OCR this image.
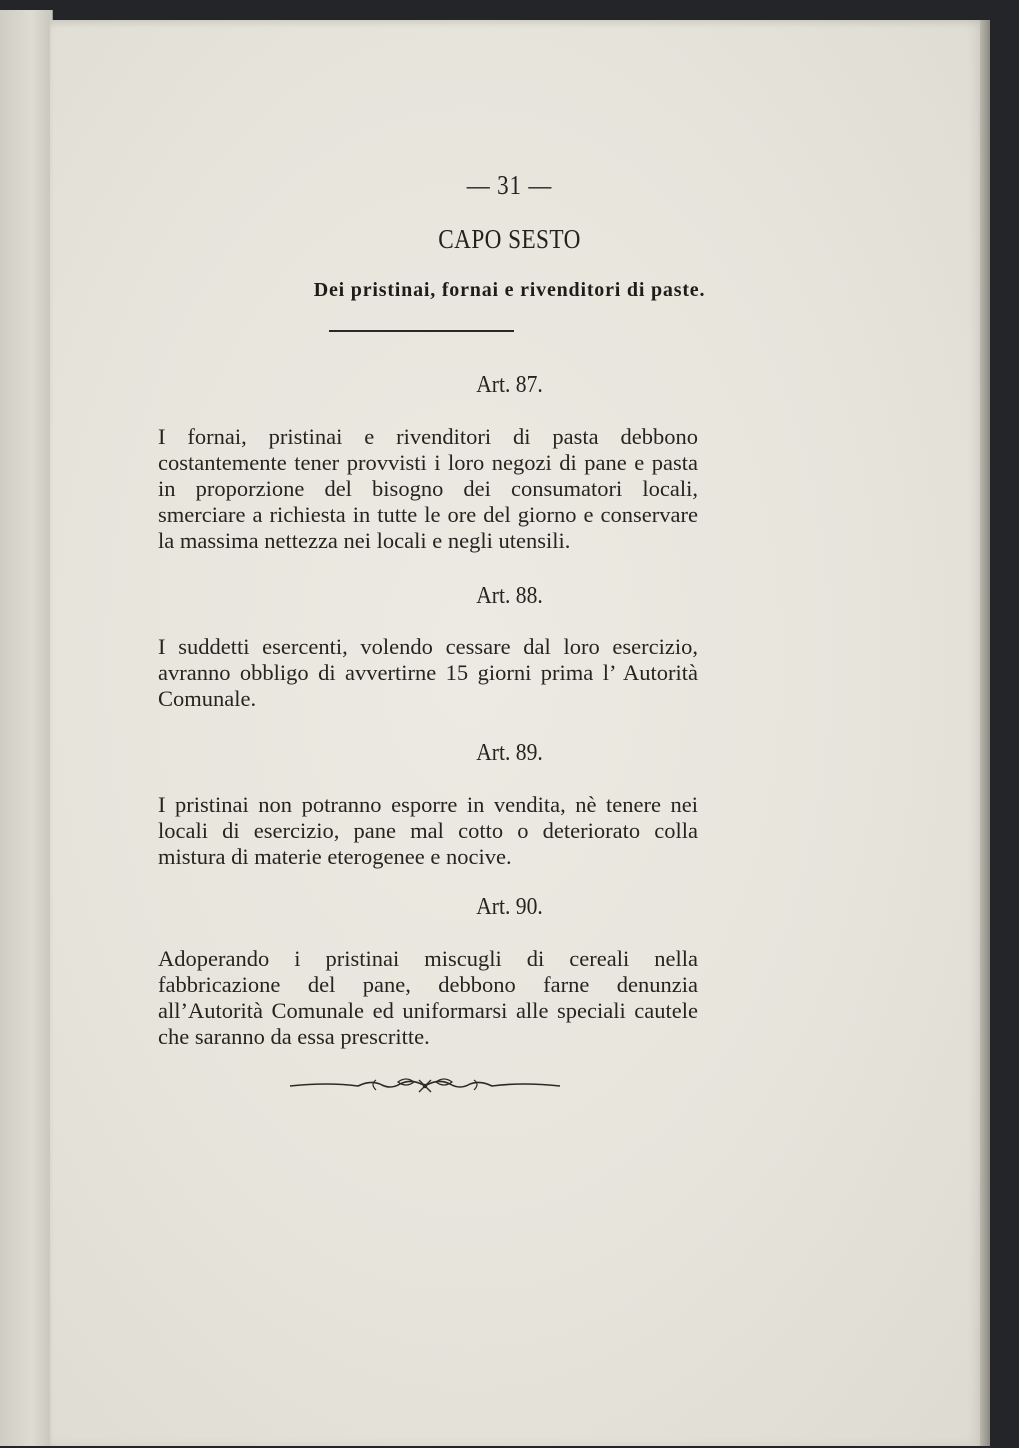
— 31 —
CAPO SESTO
Dei pristinai, fornai e rivenditori di paste.
Art. 87.
I fornai, pristinai e rivenditori di pasta debbono costantemente tener provvisti i loro negozi di pane e pasta in proporzione del bisogno dei consumatori locali, smerciare a richiesta in tutte le ore del giorno e conservare la massima nettezza nei locali e negli utensili.
Art. 88.
I suddetti esercenti, volendo cessare dal loro esercizio, avranno obbligo di avvertirne 15 giorni prima l’ Autorità Comunale.
Art. 89.
I pristinai non potranno esporre in vendita, nè tenere nei locali di esercizio, pane mal cotto o deteriorato colla mistura di materie eterogenee e nocive.
Art. 90.
Adoperando i pristinai miscugli di cereali nella fabbricazione del pane, debbono farne denunzia all’Autorità Comunale ed uniformarsi alle speciali cautele che saranno da essa prescritte.
